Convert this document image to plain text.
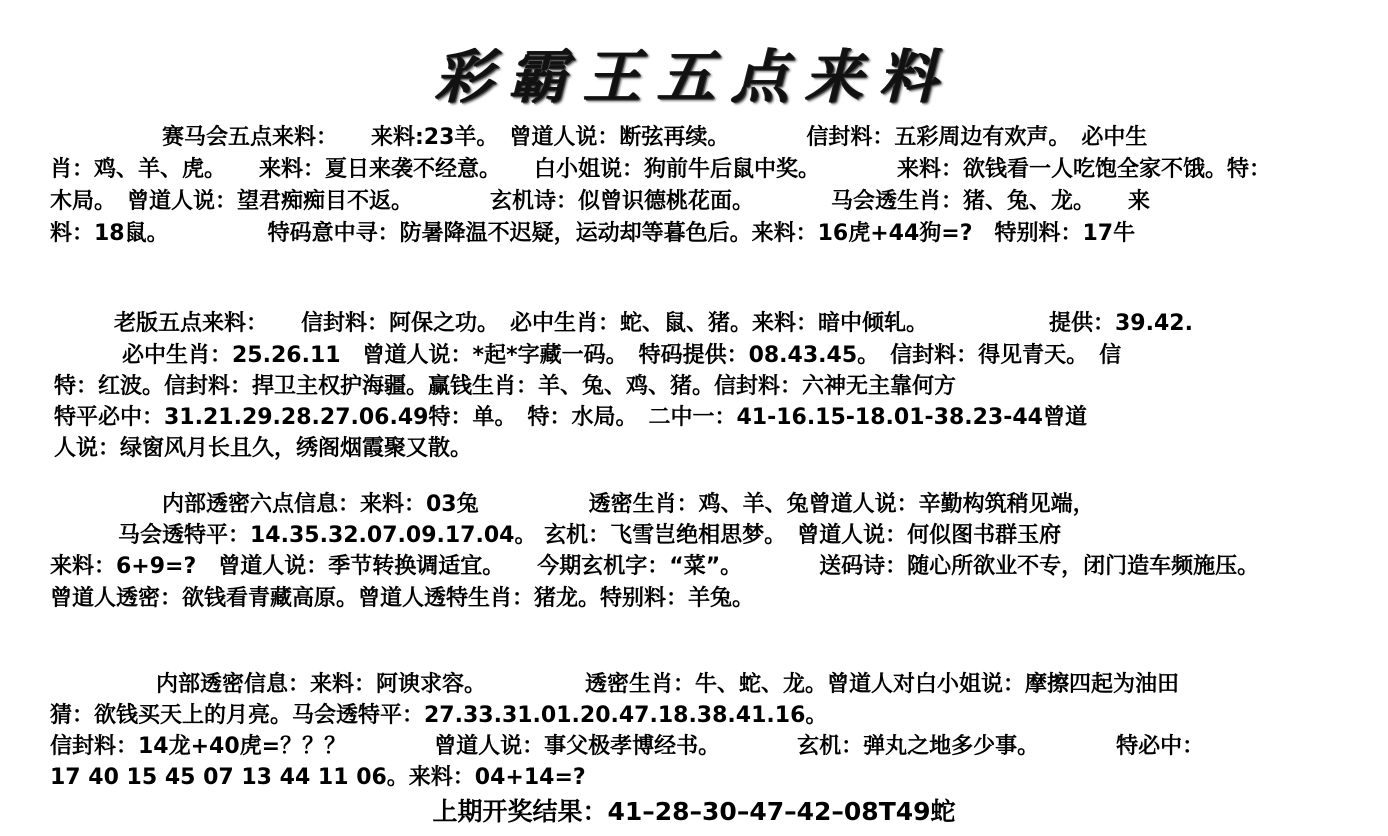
彩霸王五点来料
赛马会五点来料：　　来料:23羊。　曾道人说：断弦再续。　　　　信封料：五彩周边有欢声。　必中生
肖：鸡、羊、虎。　　来料：夏日来袭不经意。　　白小姐说：狗前牛后鼠中奖。　　　　来料：欲钱看一人吃饱全家不饿。特：
木局。　曾道人说：望君痴痴目不返。　　　　玄机诗：似曾识德桃花面。　　　　马会透生肖：猪、兔、龙。　　来
料：18鼠。　　　　　特码意中寻：防暑降温不迟疑，运动却等暮色后。来料：16虎+44狗=?　特别料：17牛
老版五点来料：　　信封料：阿保之功。　必中生肖：蛇、鼠、猪。来料：暗中倾轧。　　　　　　提供：39.42.
必中生肖：25.26.11　曾道人说：*起*字藏一码。　特码提供：08.43.45。　信封料：得见青天。　信
特：红波。信封料：捍卫主权护海疆。赢钱生肖：羊、兔、鸡、猪。信封料：六神无主靠何方
特平必中：31.21.29.28.27.06.49特：单。　特：水局。　二中一：41-16.15-18.01-38.23-44曾道
人说：绿窗风月长且久，绣阁烟霞聚又散。
内部透密六点信息：来料：03兔　　　　　透密生肖：鸡、羊、兔曾道人说：辛勤构筑稍见端，
马会透特平：14.35.32.07.09.17.04。 玄机：飞雪岂绝相思梦。　曾道人说：何似图书群玉府
来料：6+9=?　曾道人说：季节转换调适宜。　　今期玄机字：“菜”。　　　　送码诗：随心所欲业不专，闭门造车频施压。
曾道人透密：欲钱看青藏高原。曾道人透特生肖：猪龙。特别料：羊兔。
内部透密信息：来料：阿谀求容。　　　　　透密生肖：牛、蛇、龙。曾道人对白小姐说：摩擦四起为油田
猜：欲钱买天上的月亮。马会透特平：27.33.31.01.20.47.18.38.41.16。
信封料：14龙+40虎=？？？　　　　曾道人说：事父极孝博经书。　　　　玄机：弹丸之地多少事。　　　　特必中：
17 40 15 45 07 13 44 11 06。来料：04+14=?
上期开奖结果：41–28–30–47–42–08T49蛇
